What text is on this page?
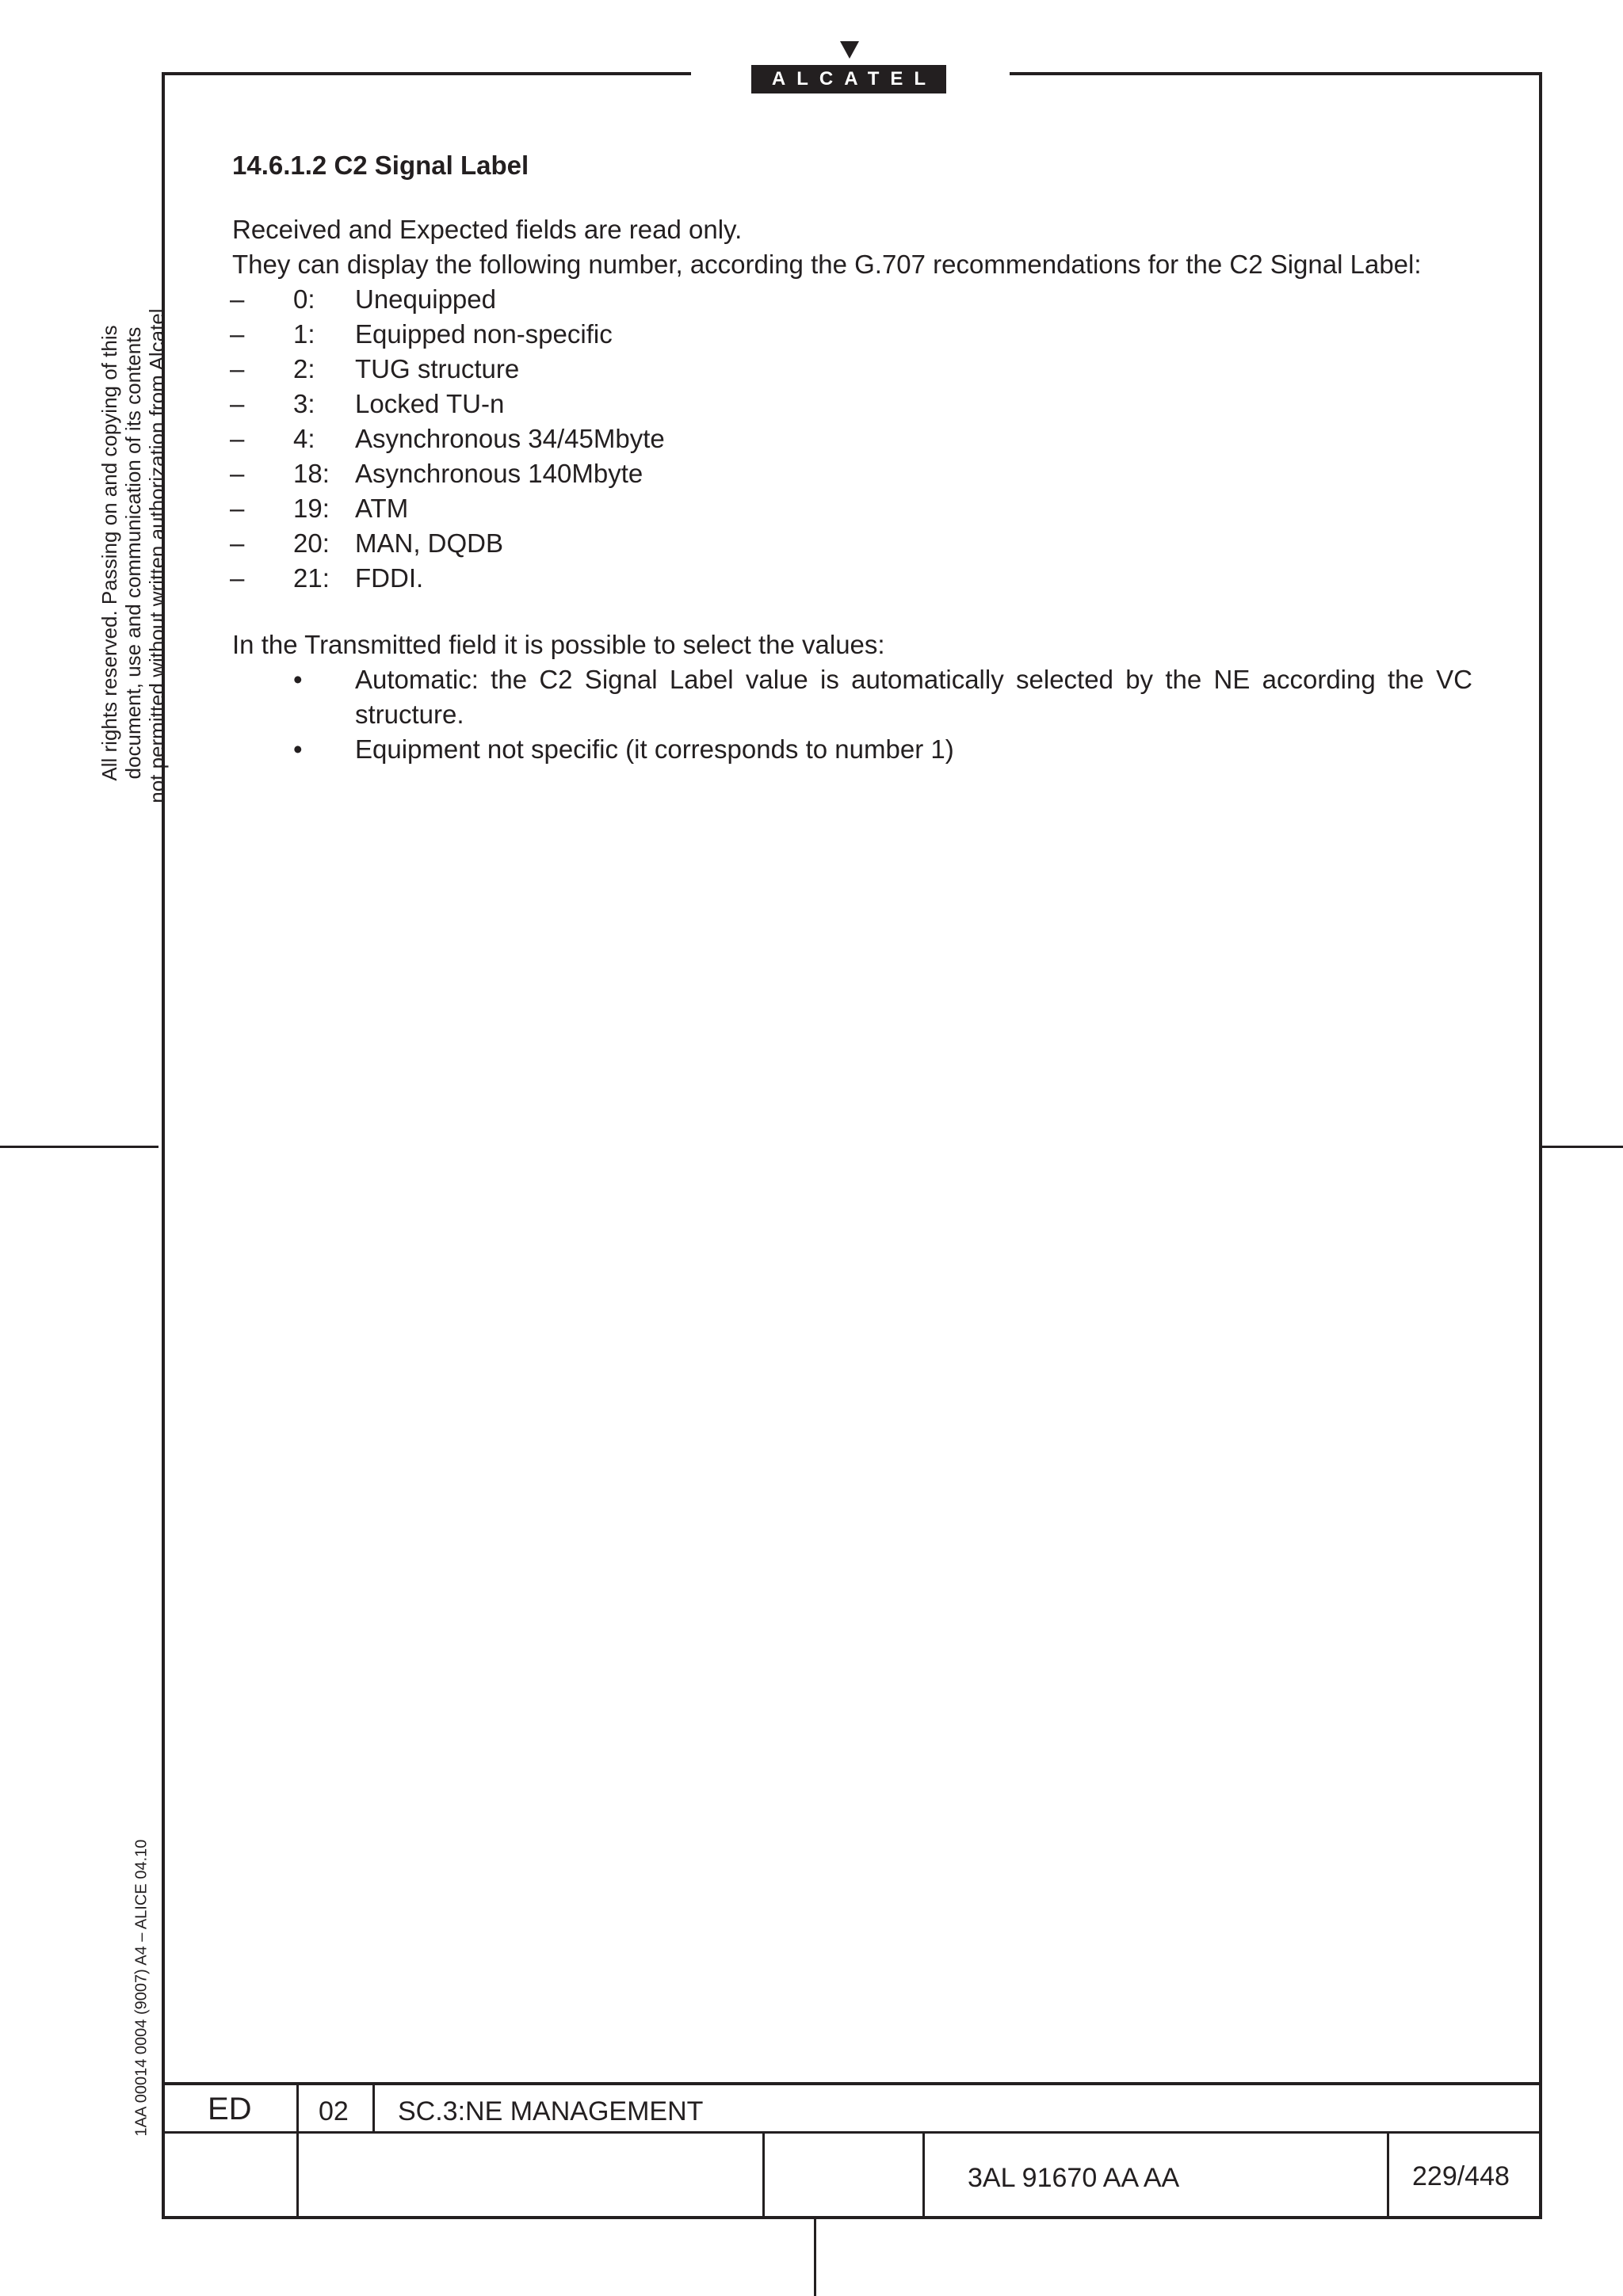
ALCATEL
All rights reserved. Passing on and copying of this document, use and communication of its contents not permitted without written authorization from Alcatel.
1AA 00014 0004 (9007) A4 – ALICE 04.10
14.6.1.2 C2 Signal Label
Received and Expected fields are read only.
They can display the following number, according the G.707 recommendations for the C2 Signal Label:
– 0: Unequipped
– 1: Equipped non-specific
– 2: TUG structure
– 3: Locked TU-n
– 4: Asynchronous 34/45Mbyte
– 18: Asynchronous 140Mbyte
– 19: ATM
– 20: MAN, DQDB
– 21: FDDI.
In the Transmitted field it is possible to select the values:
• Automatic: the C2 Signal Label value is automatically selected by the NE according the VC structure.
• Equipment not specific (it corresponds to number 1)
ED 02 SC.3:NE MANAGEMENT
3AL 91670 AA AA	229/448
